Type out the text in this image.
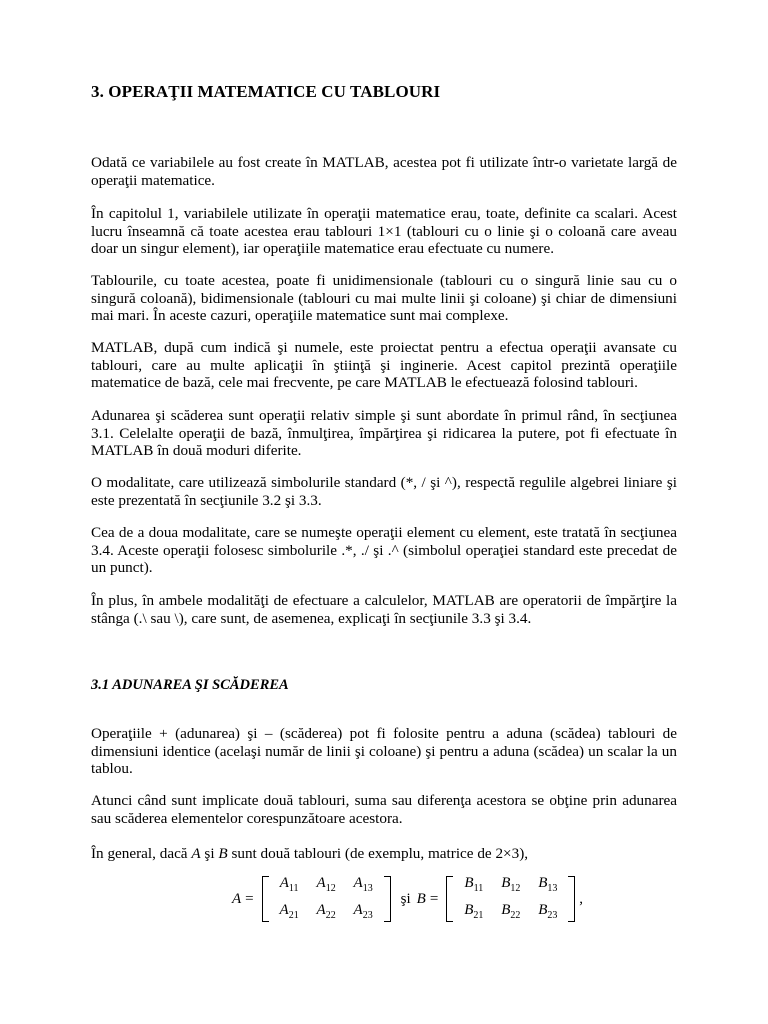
3. OPERAŢII MATEMATICE CU TABLOURI

Odată ce variabilele au fost create în MATLAB, acestea pot fi utilizate într-o varietate largă de operaţii matematice.

În capitolul 1, variabilele utilizate în operaţii matematice erau, toate, definite ca scalari. Acest lucru înseamnă că toate acestea erau tablouri 1×1 (tablouri cu o linie şi o coloană care aveau doar un singur element), iar operaţiile matematice erau efectuate cu numere.

Tablourile, cu toate acestea, poate fi unidimensionale (tablouri cu o singură linie sau cu o singură coloană), bidimensionale (tablouri cu mai multe linii şi coloane) şi chiar de dimensiuni mai mari. În aceste cazuri, operaţiile matematice sunt mai complexe.

MATLAB, după cum indică şi numele, este proiectat pentru a efectua operaţii avansate cu tablouri, care au multe aplicaţii în ştiinţă şi inginerie. Acest capitol prezintă operaţiile matematice de bază, cele mai frecvente, pe care MATLAB le efectuează folosind tablouri.

Adunarea şi scăderea sunt operaţii relativ simple şi sunt abordate în primul rând, în secţiunea 3.1. Celelalte operaţii de bază, înmulţirea, împărţirea şi ridicarea la putere, pot fi efectuate în MATLAB în două moduri diferite.

O modalitate, care utilizează simbolurile standard (*, / şi ^), respectă regulile algebrei liniare şi este prezentată în secţiunile 3.2 şi 3.3.

Cea de a doua modalitate, care se numeşte operaţii element cu element, este tratată în secţiunea 3.4. Aceste operaţii folosesc simbolurile .*, ./ şi .^ (simbolul operaţiei standard este precedat de un punct).

În plus, în ambele modalităţi de efectuare a calculelor, MATLAB are operatorii de împărţire la stânga (.\ sau \), care sunt, de asemenea, explicaţi în secţiunile 3.3 şi 3.4.

3.1 ADUNAREA ŞI SCĂDEREA

Operaţiile + (adunarea) şi – (scăderea) pot fi folosite pentru a aduna (scădea) tablouri de dimensiuni identice (acelaşi număr de linii şi coloane) şi pentru a aduna (scădea) un scalar la un tablou.

Atunci când sunt implicate două tablouri, suma sau diferenţa acestora se obţine prin adunarea sau scăderea elementelor corespunzătoare acestora.

În general, dacă A şi B sunt două tablouri (de exemplu, matrice de 2×3),

A =
$A_{11}$	$A_{12}$	$A_{13}$
$A_{21}$	$A_{22}$	$A_{23}$
şi B =
$B_{11}$	$B_{12}$	$B_{13}$
$B_{21}$	$B_{22}$	$B_{23}$
,
